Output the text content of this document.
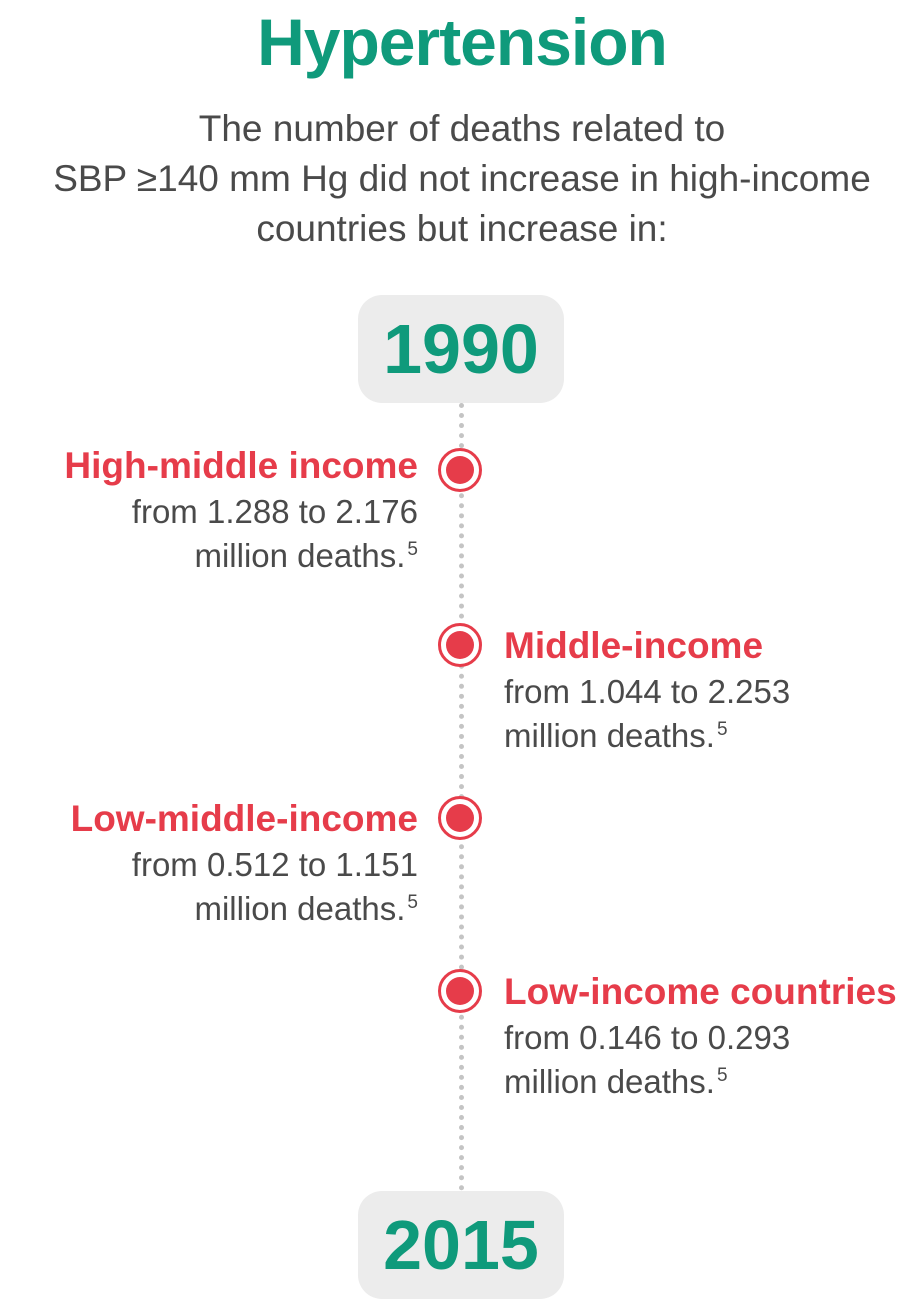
Hypertension
The number of deaths related to
SBP ≥140 mm Hg did not increase in high-income
countries but increase in:
1990
High-middle income
from 1.288 to 2.176
million deaths. $^5$
Middle-income
from 1.044 to 2.253
million deaths. $^5$
Low-middle-income
from 0.512 to 1.151
million deaths. $^5$
Low-income countries
from 0.146 to 0.293
million deaths. $^5$
2015
